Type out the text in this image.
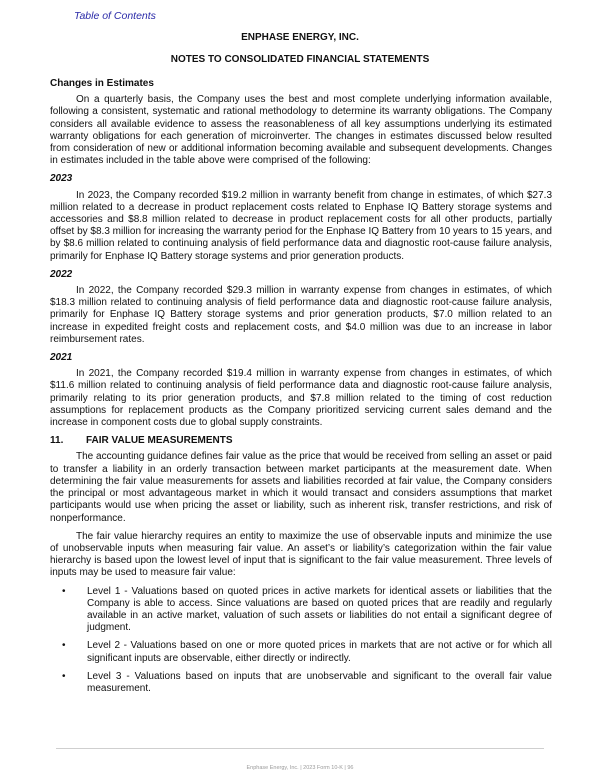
Table of Contents
ENPHASE ENERGY, INC.
NOTES TO CONSOLIDATED FINANCIAL STATEMENTS
Changes in Estimates

On a quarterly basis, the Company uses the best and most complete underlying information available, following a consistent, systematic and rational methodology to determine its warranty obligations. The Company considers all available evidence to assess the reasonableness of all key assumptions underlying its estimated warranty obligations for each generation of microinverter. The changes in estimates discussed below resulted from consideration of new or additional information becoming available and subsequent developments. Changes in estimates included in the table above were comprised of the following:

2023

In 2023, the Company recorded $19.2 million in warranty benefit from change in estimates, of which $27.3 million related to a decrease in product replacement costs related to Enphase IQ Battery storage systems and accessories and $8.8 million related to decrease in product replacement costs for all other products, partially offset by $8.3 million for increasing the warranty period for the Enphase IQ Battery from 10 years to 15 years, and by $8.6 million related to continuing analysis of field performance data and diagnostic root-cause failure analysis, primarily for Enphase IQ Battery storage systems and prior generation products.

2022

In 2022, the Company recorded $29.3 million in warranty expense from changes in estimates, of which $18.3 million related to continuing analysis of field performance data and diagnostic root-cause failure analysis, primarily for Enphase IQ Battery storage systems and prior generation products, $7.0 million related to an increase in expedited freight costs and replacement costs, and $4.0 million was due to an increase in labor reimbursement rates.

2021

In 2021, the Company recorded $19.4 million in warranty expense from changes in estimates, of which $11.6 million related to continuing analysis of field performance data and diagnostic root-cause failure analysis, primarily relating to its prior generation products, and $7.8 million related to the timing of cost reduction assumptions for replacement products as the Company prioritized servicing current sales demand and the increase in component costs due to global supply constraints.

11.	FAIR VALUE MEASUREMENTS

The accounting guidance defines fair value as the price that would be received from selling an asset or paid to transfer a liability in an orderly transaction between market participants at the measurement date. When determining the fair value measurements for assets and liabilities recorded at fair value, the Company considers the principal or most advantageous market in which it would transact and considers assumptions that market participants would use when pricing the asset or liability, such as inherent risk, transfer restrictions, and risk of nonperformance.

The fair value hierarchy requires an entity to maximize the use of observable inputs and minimize the use of unobservable inputs when measuring fair value. An asset’s or liability’s categorization within the fair value hierarchy is based upon the lowest level of input that is significant to the fair value measurement. Three levels of inputs may be used to measure fair value:

•	Level 1 - Valuations based on quoted prices in active markets for identical assets or liabilities that the Company is able to access. Since valuations are based on quoted prices that are readily and regularly available in an active market, valuation of such assets or liabilities do not entail a significant degree of judgment.
•	Level 2 - Valuations based on one or more quoted prices in markets that are not active or for which all significant inputs are observable, either directly or indirectly.
•	Level 3 - Valuations based on inputs that are unobservable and significant to the overall fair value measurement.
Enphase Energy, Inc. | 2023 Form 10-K | 96
